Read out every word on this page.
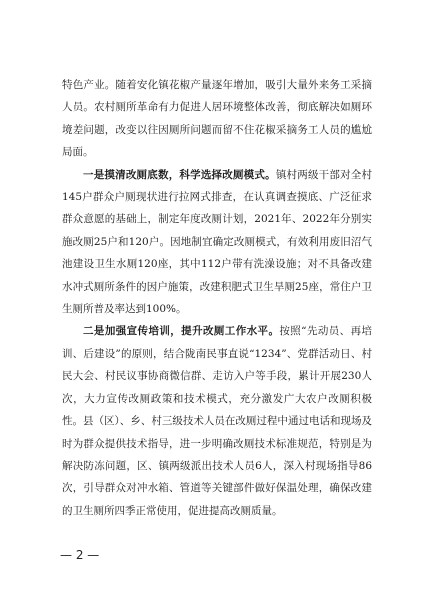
特色产业。随着安化镇花椒产量逐年增加，吸引大量外来务工采摘人员。农村厕所革命有力促进人居环境整体改善，彻底解决如厕环境差问题，改变以往因厕所问题而留不住花椒采摘务工人员的尴尬局面。

一是摸清改厕底数，科学选择改厕模式。镇村两级干部对全村145户群众户厕现状进行拉网式排查，在认真调查摸底、广泛征求群众意愿的基础上，制定年度改厕计划，2021年、2022年分别实施改厕25户和120户。因地制宜确定改厕模式，有效利用废旧沼气池建设卫生水厕120座，其中112户带有洗澡设施；对不具备改建水冲式厕所条件的因户施策，改建积肥式卫生旱厕25座，常住户卫生厕所普及率达到100%。

二是加强宣传培训，提升改厕工作水平。按照“先动员、再培训、后建设”的原则，结合陇南民事直说“1234”、党群活动日、村民大会、村民议事协商微信群、走访入户等手段，累计开展230人次，大力宣传改厕政策和技术模式，充分激发广大农户改厕积极性。县（区）、乡、村三级技术人员在改厕过程中通过电话和现场及时为群众提供技术指导，进一步明确改厕技术标准规范，特别是为解决防冻问题，区、镇两级派出技术人员6人，深入村现场指导86次，引导群众对冲水箱、管道等关键部件做好保温处理，确保改建的卫生厕所四季正常使用，促进提高改厕质量。

— 2 —
